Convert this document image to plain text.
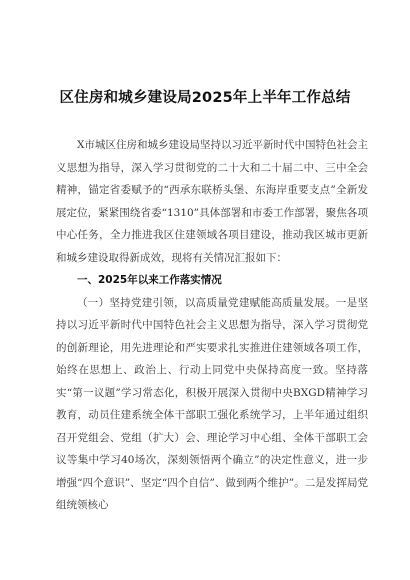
区住房和城乡建设局2025年上半年工作总结

X市城区住房和城乡建设局坚持以习近平新时代中国特色社会主义思想为指导，深入学习贯彻党的二十大和二十届二中、三中全会精神，锚定省委赋予的“西承东联桥头堡、东海岸重要支点”全新发展定位，紧紧围绕省委“1310”具体部署和市委工作部署，聚焦各项中心任务，全力推进我区住建领域各项目建设，推动我区城市更新和城乡建设取得新成效，现将有关情况汇报如下：

一、2025年以来工作落实情况

（一）坚持党建引领，以高质量党建赋能高质量发展。一是坚持以习近平新时代中国特色社会主义思想为指导，深入学习贯彻党的创新理论，用先进理论和严实要求扎实推进住建领域各项工作，始终在思想上、政治上、行动上同党中央保持高度一致。坚持落实“第一议题”学习常态化，积极开展深入贯彻中央BXGD精神学习教育，动员住建系统全体干部职工强化系统学习，上半年通过组织召开党组会、党组（扩大）会、理论学习中心组、全体干部职工会议等集中学习40场次，深刻领悟两个确立”的决定性意义，进一步增强“四个意识”、坚定“四个自信”、做到两个维护”。二是发挥局党组统领核心
